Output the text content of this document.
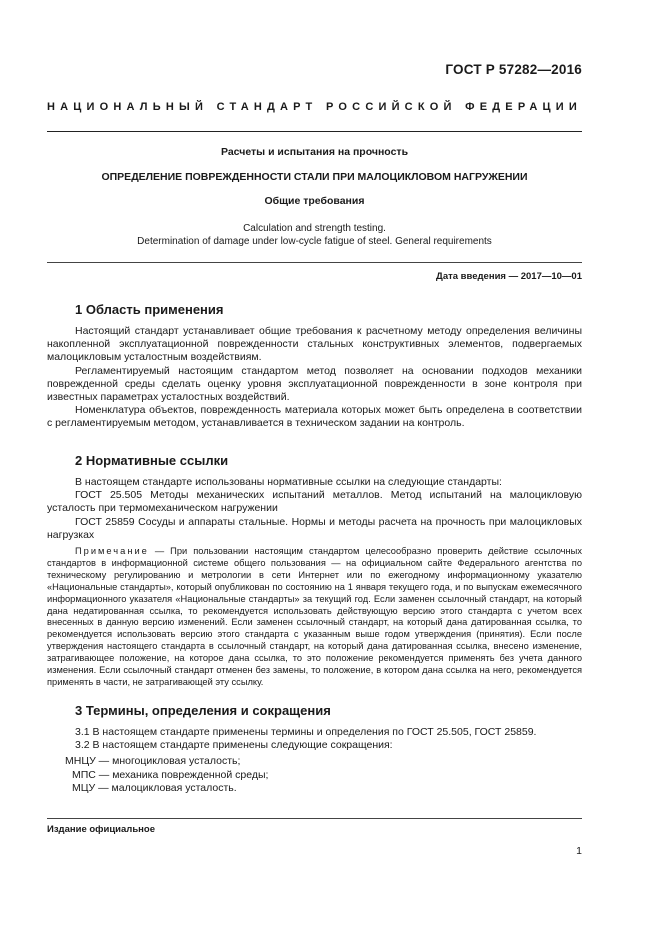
ГОСТ Р 57282—2016
НАЦИОНАЛЬНЫЙ СТАНДАРТ РОССИЙСКОЙ ФЕДЕРАЦИИ
Расчеты и испытания на прочность
ОПРЕДЕЛЕНИЕ ПОВРЕЖДЕННОСТИ СТАЛИ ПРИ МАЛОЦИКЛОВОМ НАГРУЖЕНИИ
Общие требования
Calculation and strength testing.
Determination of damage under low-cycle fatigue of steel. General requirements
Дата введения — 2017—10—01
1 Область применения

Настоящий стандарт устанавливает общие требования к расчетному методу определения величины накопленной эксплуатационной поврежденности стальных конструктивных элементов, подвергаемых малоцикловым усталостным воздействиям.

Регламентируемый настоящим стандартом метод позволяет на основании подходов механики поврежденной среды сделать оценку уровня эксплуатационной поврежденности в зоне контроля при известных параметрах усталостных воздействий.

Номенклатура объектов, поврежденность материала которых может быть определена в соответствии с регламентируемым методом, устанавливается в техническом задании на контроль.

2 Нормативные ссылки

В настоящем стандарте использованы нормативные ссылки на следующие стандарты:

ГОСТ 25.505 Методы механических испытаний металлов. Метод испытаний на малоцикловую усталость при термомеханическом нагружении

ГОСТ 25859 Сосуды и аппараты стальные. Нормы и методы расчета на прочность при малоцикловых нагрузках

Примечание — При пользовании настоящим стандартом целесообразно проверить действие ссылочных стандартов в информационной системе общего пользования — на официальном сайте Федерального агентства по техническому регулированию и метрологии в сети Интернет или по ежегодному информационному указателю «Национальные стандарты», который опубликован по состоянию на 1 января текущего года, и по выпускам ежемесячного информационного указателя «Национальные стандарты» за текущий год. Если заменен ссылочный стандарт, на который дана недатированная ссылка, то рекомендуется использовать действующую версию этого стандарта с учетом всех внесенных в данную версию изменений. Если заменен ссылочный стандарт, на который дана датированная ссылка, то рекомендуется использовать версию этого стандарта с указанным выше годом утверждения (принятия). Если после утверждения настоящего стандарта в ссылочный стандарт, на который дана датированная ссылка, внесено изменение, затрагивающее положение, на которое дана ссылка, то это положение рекомендуется применять без учета данного изменения. Если ссылочный стандарт отменен без замены, то положение, в котором дана ссылка на него, рекомендуется применять в части, не затрагивающей эту ссылку.

3 Термины, определения и сокращения

3.1 В настоящем стандарте применены термины и определения по ГОСТ 25.505, ГОСТ 25859.

3.2 В настоящем стандарте применены следующие сокращения:

МНЦУ — многоцикловая усталость;
МПС — механика поврежденной среды;
МЦУ — малоцикловая усталость.
Издание официальное
1
